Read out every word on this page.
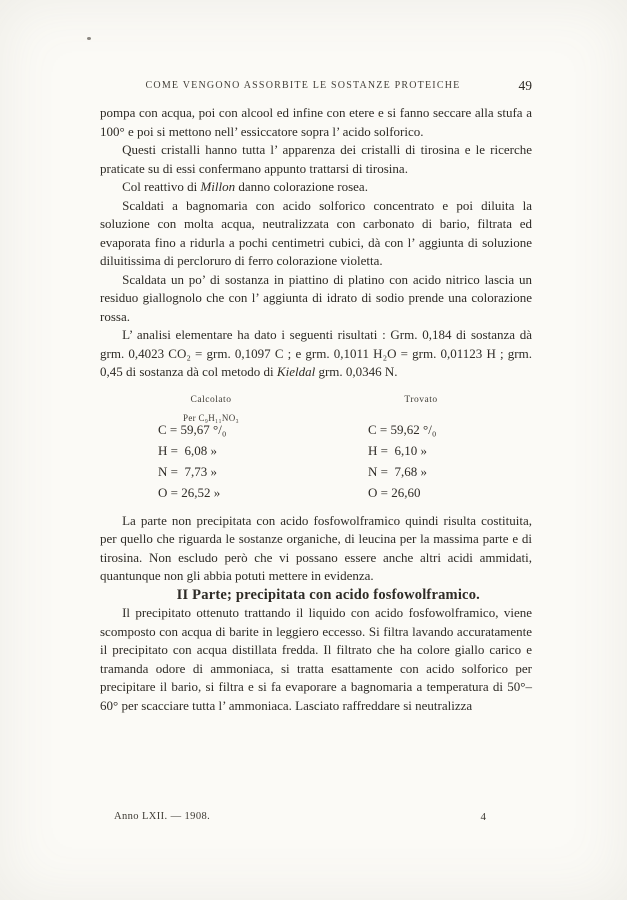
COME VENGONO ASSORBITE LE SOSTANZE PROTEICHE	49

pompa con acqua, poi con alcool ed infine con etere e si fanno seccare alla stufa a 100° e poi si mettono nell’ essiccatore sopra l’ acido solforico.

Questi cristalli hanno tutta l’ apparenza dei cristalli di tirosina e le ricerche praticate su di essi confermano appunto trattarsi di tirosina.

Col reattivo di Millon danno colorazione rosea.

Scaldati a bagnomaria con acido solforico concentrato e poi diluita la soluzione con molta acqua, neutralizzata con carbonato di bario, filtrata ed evaporata fino a ridurla a pochi centimetri cubici, dà con l’ aggiunta di soluzione diluitissima di percloruro di ferro colorazione violetta.

Scaldata un po’ di sostanza in piattino di platino con acido nitrico lascia un residuo giallognolo che con l’ aggiunta di idrato di sodio prende una colorazione rossa.

L’ analisi elementare ha dato i seguenti risultati : Grm. 0,184 di sostanza dà grm. 0,4023 CO₂ = grm. 0,1097 C ; e grm. 0,1011 H₂O = grm. 0,01123 H ; grm. 0,45 di sostanza dà col metodo di Kieldal grm. 0,0346 N.

Calcolato
Per C₉H₁₁NO₃
C = 59,67 °/₀
H =  6,08 »
N =  7,73 »
O = 26,52 »
Trovato

C = 59,62 °/₀
H =  6,10 »
N =  7,68 »
O = 26,60

La parte non precipitata con acido fosfowolframico quindi risulta costituita, per quello che riguarda le sostanze organiche, di leucina per la massima parte e di tirosina. Non escludo però che vi possano essere anche altri acidi ammidati, quantunque non gli abbia potuti mettere in evidenza.

II Parte; precipitata con acido fosfowolframico.

Il precipitato ottenuto trattando il liquido con acido fosfowolframico, viene scomposto con acqua di barite in leggiero eccesso. Si filtra lavando accuratamente il precipitato con acqua distillata fredda. Il filtrato che ha colore giallo carico e tramanda odore di ammoniaca, si tratta esattamente con acido solforico per precipitare il bario, si filtra e si fa evaporare a bagnomaria a temperatura di 50°–60° per scacciare tutta l’ ammoniaca. Lasciato raffreddare si neutralizza

Anno LXII. — 1908.	4
